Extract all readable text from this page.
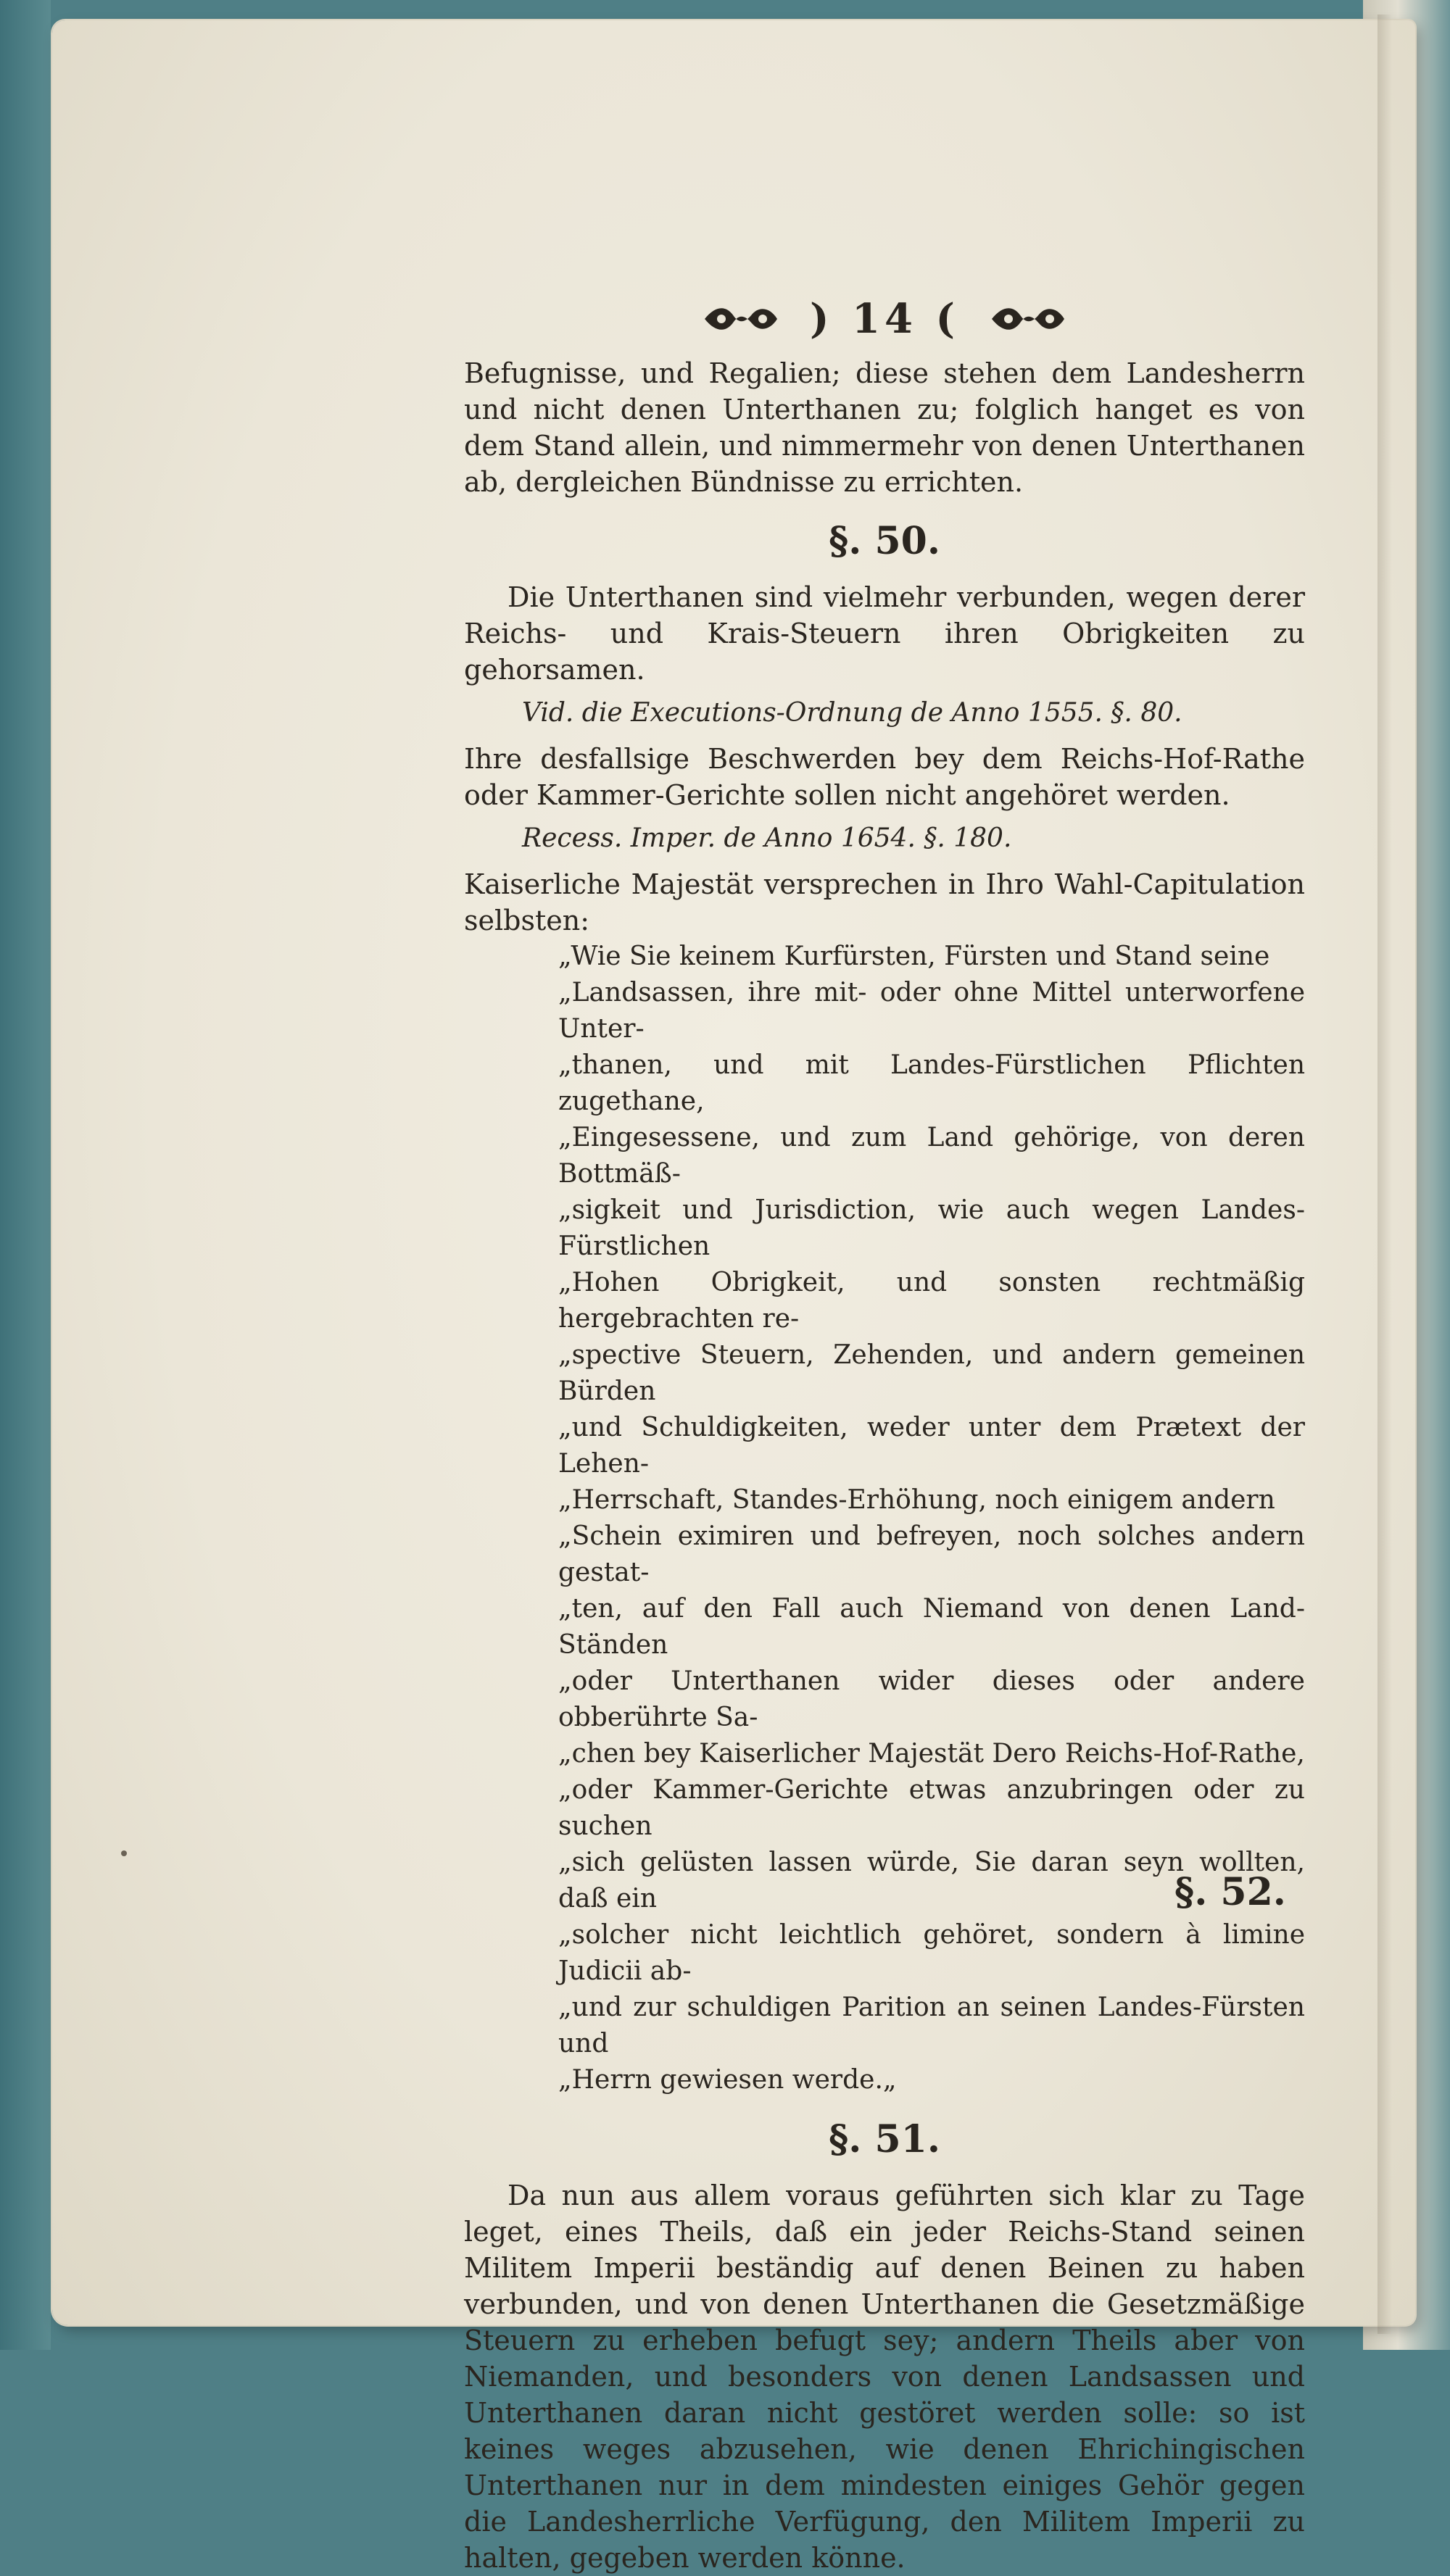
) 14 (

Befugnisse, und Regalien; diese stehen dem Landesherrn und nicht denen Unterthanen zu; folglich hanget es von dem Stand allein, und nimmermehr von denen Unterthanen ab, dergleichen Bündnisse zu errichten.

§. 50.

Die Unterthanen sind vielmehr verbunden, wegen derer Reichs- und Krais-Steuern ihren Obrigkeiten zu gehorsamen.

Vid. die Executions-Ordnung de Anno 1555. §. 80.

Ihre desfallsige Beschwerden bey dem Reichs-Hof-Rathe oder Kammer-Gerichte sollen nicht angehöret werden.

Recess. Imper. de Anno 1654. §. 180.

Kaiserliche Majestät versprechen in Ihro Wahl-Capitulation selbsten:

„Wie Sie keinem Kurfürsten, Fürsten und Stand seine

„Landsassen, ihre mit- oder ohne Mittel unterworfene Unter-

„thanen, und mit Landes-Fürstlichen Pflichten zugethane,

„Eingesessene, und zum Land gehörige, von deren Bottmäß-

„sigkeit und Jurisdiction, wie auch wegen Landes-Fürstlichen

„Hohen Obrigkeit, und sonsten rechtmäßig hergebrachten re-

„spective Steuern, Zehenden, und andern gemeinen Bürden

„und Schuldigkeiten, weder unter dem Prætext der Lehen-

„Herrschaft, Standes-Erhöhung, noch einigem andern

„Schein eximiren und befreyen, noch solches andern gestat-

„ten, auf den Fall auch Niemand von denen Land-Ständen

„oder Unterthanen wider dieses oder andere obberührte Sa-

„chen bey Kaiserlicher Majestät Dero Reichs-Hof-Rathe,

„oder Kammer-Gerichte etwas anzubringen oder zu suchen

„sich gelüsten lassen würde, Sie daran seyn wollten, daß ein

„solcher nicht leichtlich gehöret, sondern à limine Judicii ab-

„und zur schuldigen Parition an seinen Landes-Fürsten und

„Herrn gewiesen werde.„

§. 51.

Da nun aus allem voraus geführten sich klar zu Tage leget, eines Theils, daß ein jeder Reichs-Stand seinen Militem Imperii beständig auf denen Beinen zu haben verbunden, und von denen Unterthanen die Gesetzmäßige Steuern zu erheben befugt sey; andern Theils aber von Niemanden, und besonders von denen Landsassen und Unterthanen daran nicht gestöret werden solle: so ist keines weges abzusehen, wie denen Ehrichingischen Unterthanen nur in dem mindesten einiges Gehör gegen die Landesherrliche Verfügung, den Militem Imperii zu halten, gegeben werden könne.

§. 52.
